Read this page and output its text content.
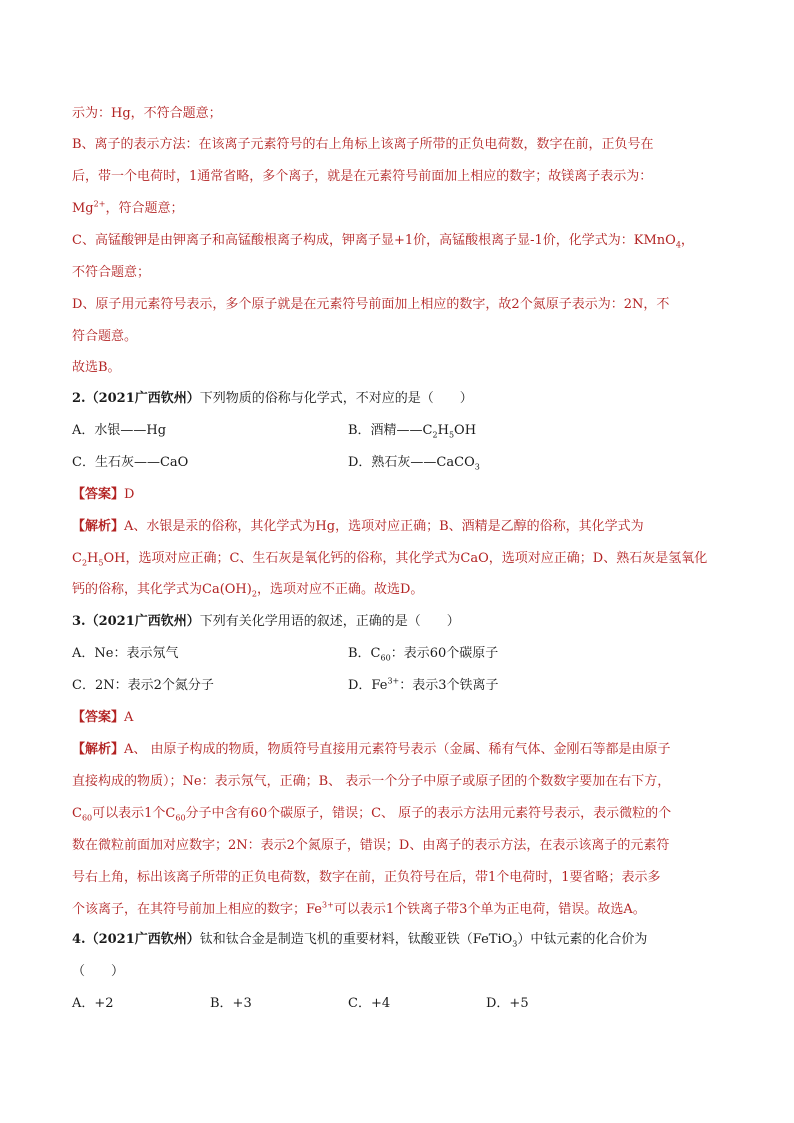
示为：Hg，不符合题意；
B、离子的表示方法：在该离子元素符号的右上角标上该离子所带的正负电荷数，数字在前，正负号在
后，带一个电荷时，1通常省略，多个离子，就是在元素符号前面加上相应的数字；故镁离子表示为：
$Mg^{2+}$，符合题意；
C、高锰酸钾是由钾离子和高锰酸根离子构成，钾离子显+1价，高锰酸根离子显-1价，化学式为：KMnO$_4$，
不符合题意；
D、原子用元素符号表示，多个原子就是在元素符号前面加上相应的数字，故2个氮原子表示为：2N，不
符合题意。
故选B。
2.（2021广西钦州）下列物质的俗称与化学式，不对应的是（　　）
A．水银——Hg	B．酒精$——C_2H_5OH$
C．生石灰——CaO	D．熟石灰——CaCO$_3$
【答案】D
【解析】A、水银是汞的俗称，其化学式为Hg，选项对应正确；B、酒精是乙醇的俗称，其化学式为
$C_2H_5OH$，选项对应正确；C、生石灰是氧化钙的俗称，其化学式为CaO，选项对应正确；D、熟石灰是氢氧化
钙的俗称，其化学式为$Ca(OH)_2$，选项对应不正确。故选D。
3.（2021广西钦州）下列有关化学用语的叙述，正确的是（　　）
A．Ne：表示氖气	B．$C_{60}$：表示60个碳原子
C．2N：表示2个氮分子	D．$Fe^{3+}$：表示3个铁离子
【答案】A
【解析】A、 由原子构成的物质，物质符号直接用元素符号表示（金属、稀有气体、金刚石等都是由原子
直接构成的物质）；Ne：表示氖气，正确；B、 表示一个分子中原子或原子团的个数数字要加在右下方，
$C_{60}$可以表示1个$C_{60}$分子中含有60个碳原子，错误；C、 原子的表示方法用元素符号表示，表示微粒的个
数在微粒前面加对应数字；2N：表示2个氮原子，错误；D、由离子的表示方法，在表示该离子的元素符
号右上角，标出该离子所带的正负电荷数，数字在前，正负符号在后，带1个电荷时，1要省略；表示多
个该离子，在其符号前加上相应的数字；$Fe^{3+}$可以表示1个铁离子带3个单为正电荷，错误。故选A。
4.（2021广西钦州）钛和钛合金是制造飞机的重要材料，钛酸亚铁（FeTiO$_3$）中钛元素的化合价为
（　　）
A．+2	B．+3	C．+4	D．+5
